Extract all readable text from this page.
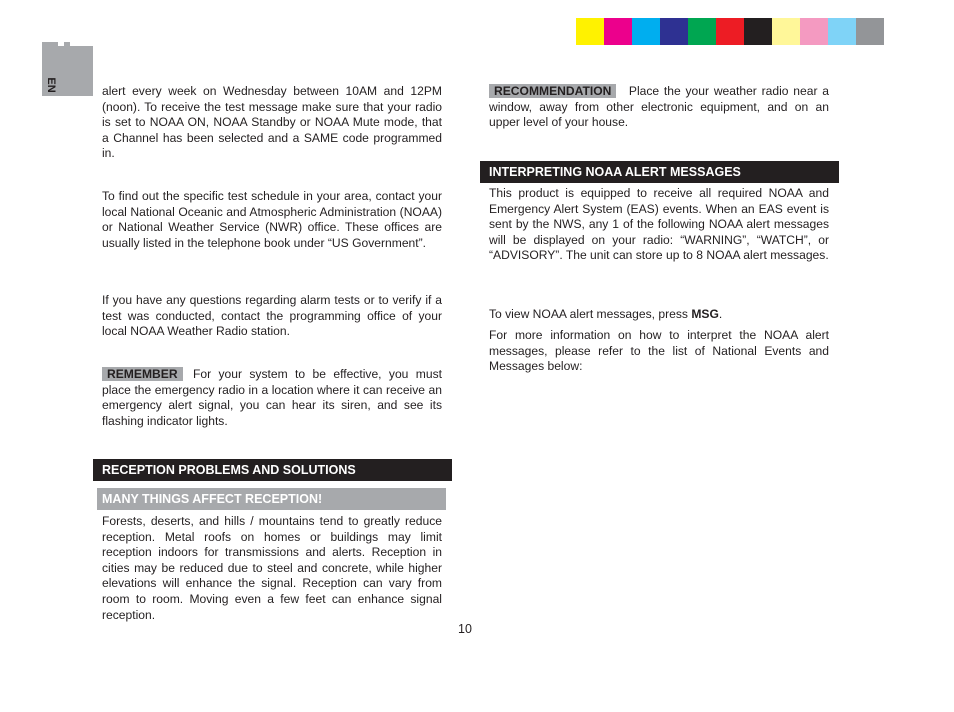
EN	alert every week on Wednesday between 10AM and 12PM (noon). To receive the test message make sure that your radio is set to NOAA ON, NOAA Standby or NOAA Mute mode, that a Channel has been selected and a SAME code programmed in.

To find out the specific test schedule in your area, contact your local National Oceanic and Atmospheric Administration (NOAA) or National Weather Service (NWR) office. These offices are usually listed in the telephone book under “US Government”.

If you have any questions regarding alarm tests or to verify if a test was conducted, contact the programming office of your local NOAA Weather Radio station.

REMEMBER For your system to be effective, you must place the emergency radio in a location where it can receive an emergency alert signal, you can hear its siren, and see its flashing indicator lights.

RECEPTION PROBLEMS AND SOLUTIONS
MANY THINGS AFFECT RECEPTION!

Forests, deserts, and hills / mountains tend to greatly reduce reception. Metal roofs on homes or buildings may limit reception indoors for transmissions and alerts. Reception in cities may be reduced due to steel and concrete, while higher elevations will enhance the signal. Reception can vary from room to room. Moving even a few feet can enhance signal reception.

RECOMMENDATION Place the your weather radio near a window, away from other electronic equipment, and on an upper level of your house.

INTERPRETING NOAA ALERT MESSAGES

This product is equipped to receive all required NOAA and Emergency Alert System (EAS) events. When an EAS event is sent by the NWS, any 1 of the following NOAA alert messages will be displayed on your radio: “WARNING”, “WATCH”, or “ADVISORY”. The unit can store up to 8 NOAA alert messages.

To view NOAA alert messages, press MSG.

For more information on how to interpret the NOAA alert messages, please refer to the list of National Events and Messages below:

10
